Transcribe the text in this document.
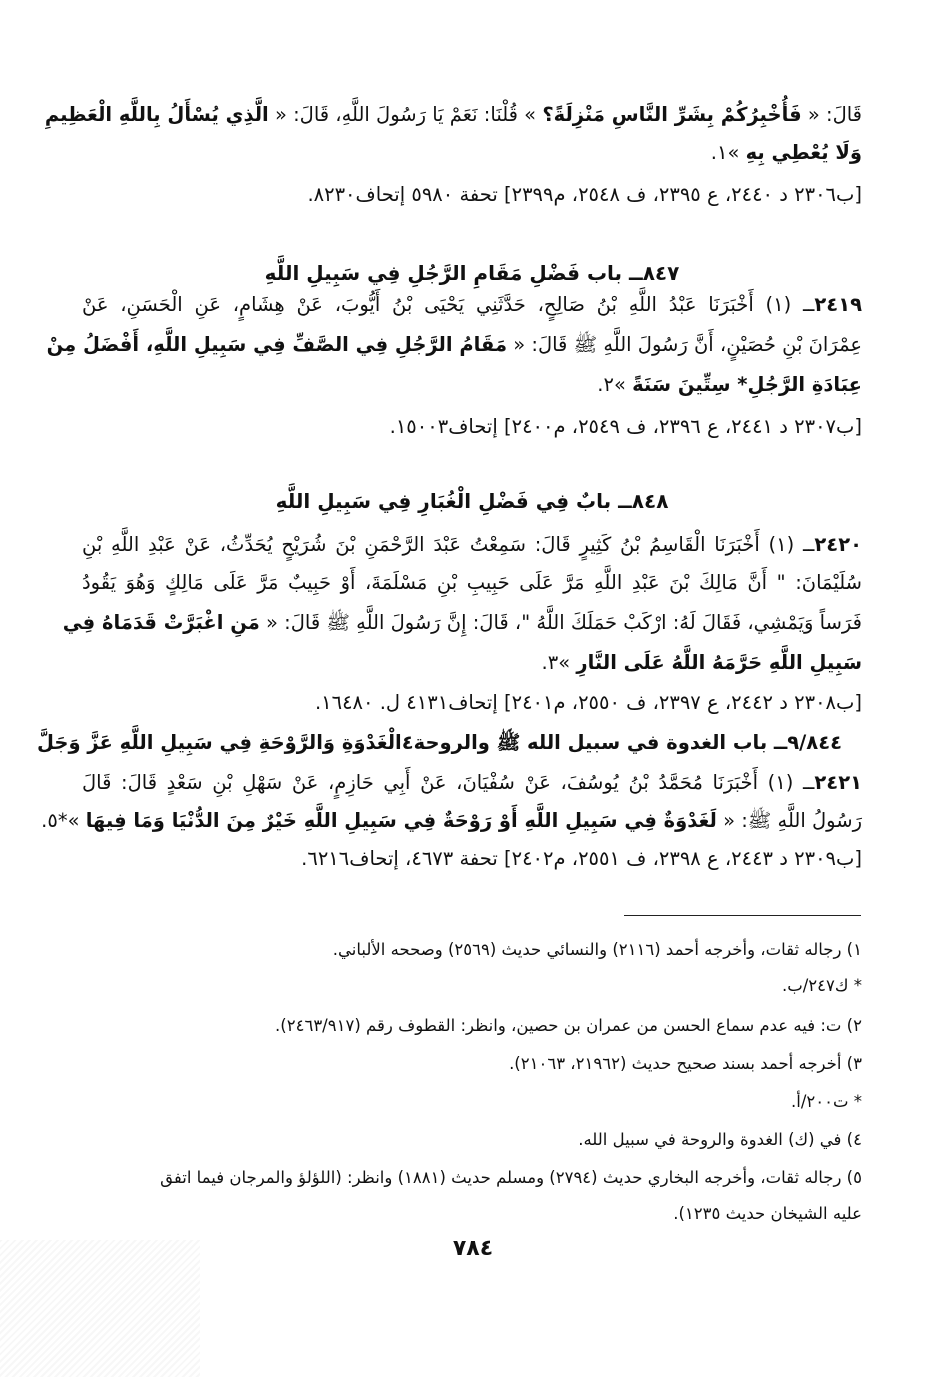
قَالَ: « فَأُخْبِرُكُمْ بِشَرِّ النَّاسِ مَنْزِلَةً؟ » قُلْنَا: نَعَمْ يَا رَسُولَ اللَّهِ، قَالَ: « الَّذِي يُسْأَلُ بِاللَّهِ الْعَظِيمِ
وَلَا يُعْطِي بِهِ »١.
[ب٢٣٠٦ د ٢٤٤٠، ع ٢٣٩٥، ف ٢٥٤٨، م٢٣٩٩] تحفة ٥٩٨٠ إتحاف٨٢٣٠.
٨٤٧ــ باب فَضْلِ مَقَامِ الرَّجُلِ فِي سَبِيلِ اللَّهِ
٢٤١٩ــ (١) أَخْبَرَنَا عَبْدُ اللَّهِ بْنُ صَالِحٍ، حَدَّثَنِي يَحْيَى بْنُ أَيُّوبَ، عَنْ هِشَامٍ، عَنِ الْحَسَنِ، عَنْ
عِمْرَانَ بْنِ حُصَيْنٍ، أَنَّ رَسُولَ اللَّهِ ﷺ قَالَ: « مَقَامُ الرَّجُلِ فِي الصَّفِّ فِي سَبِيلِ اللَّهِ، أَفْضَلُ مِنْ
عِبَادَةِ الرَّجُلِ* سِتِّينَ سَنَةً »٢.
[ب٢٣٠٧ د ٢٤٤١، ع ٢٣٩٦، ف ٢٥٤٩، م٢٤٠٠] إتحاف١٥٠٠٣.
٨٤٨ــ بابٌ فِي فَضْلِ الْغُبَارِ فِي سَبِيلِ اللَّهِ
٢٤٢٠ــ (١) أَخْبَرَنَا الْقَاسِمُ بْنُ كَثِيرٍ قَالَ: سَمِعْتُ عَبْدَ الرَّحْمَنِ بْنَ شُرَيْحٍ يُحَدِّثُ، عَنْ عَبْدِ اللَّهِ بْنِ
سُلَيْمَانَ: " أَنَّ مَالِكَ بْنَ عَبْدِ اللَّهِ مَرَّ عَلَى حَبِيبِ بْنِ مَسْلَمَةَ، أَوْ حَبِيبٌ مَرَّ عَلَى مَالِكٍ وَهُوَ يَقُودُ
فَرَساً وَيَمْشِي، فَقَالَ لَهُ: ارْكَبْ حَمَلَكَ اللَّهُ "، قَالَ: إِنَّ رَسُولَ اللَّهِ ﷺ قَالَ: « مَنِ اغْبَرَّتْ قَدَمَاهُ فِي
سَبِيلِ اللَّهِ حَرَّمَهُ اللَّهُ عَلَى النَّارِ »٣.
[ب٢٣٠٨ د ٢٤٤٢، ع ٢٣٩٧، ف ٢٥٥٠، م٢٤٠١] إتحاف٤١٣١ ل. ١٦٤٨٠.
٩/٨٤٤ــ باب الغدوة في سبيل الله ﷺ والروحة٤الْغَدْوَةِ وَالرَّوْحَةِ فِي سَبِيلِ اللَّهِ عَزَّ وَجَلَّ
٢٤٢١ــ (١) أَخْبَرَنَا مُحَمَّدُ بْنُ يُوسُفَ، عَنْ سُفْيَانَ، عَنْ أَبِي حَازِمٍ، عَنْ سَهْلِ بْنِ سَعْدٍ قَالَ: قَالَ
رَسُولُ اللَّهِ ﷺ: « لَغَدْوَةٌ فِي سَبِيلِ اللَّهِ أَوْ رَوْحَةٌ فِي سَبِيلِ اللَّهِ خَيْرٌ مِنَ الدُّنْيَا وَمَا فِيهَا »*٥.
[ب٢٣٠٩ د ٢٤٤٣، ع ٢٣٩٨، ف ٢٥٥١، م٢٤٠٢] تحفة ٤٦٧٣، إتحاف٦٢١٦.
١) رجاله ثقات، وأخرجه أحمد (٢١١٦) والنسائي حديث (٢٥٦٩) وصححه الألباني.
* ك٢٤٧/ب.
٢) ت: فيه عدم سماع الحسن من عمران بن حصين، وانظر: القطوف رقم (٢٤٦٣/٩١٧).
٣) أخرجه أحمد بسند صحيح حديث (٢١٩٦٢، ٢١٠٦٣).
* ت٢٠٠/أ.
٤) في (ك) الغدوة والروحة في سبيل الله.
٥) رجاله ثقات، وأخرجه البخاري حديث (٢٧٩٤) ومسلم حديث (١٨٨١) وانظر: (اللؤلؤ والمرجان فيما اتفق
عليه الشيخان حديث ١٢٣٥).
٧٨٤
